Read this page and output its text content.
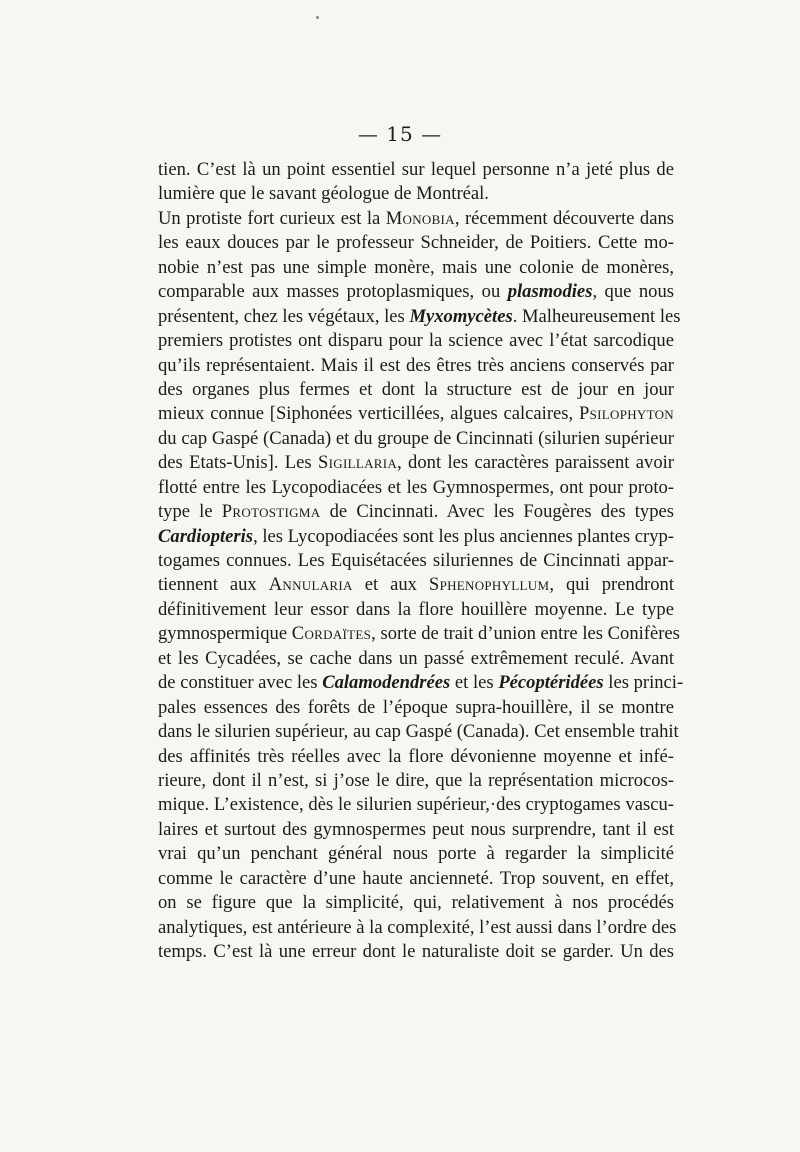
— 15 —
tien. C’est là un point essentiel sur lequel personne n’a jeté plus de
lumière que le savant géologue de Montréal.
Un protiste fort curieux est la Monobia, récemment découverte dans
les eaux douces par le professeur Schneider, de Poitiers. Cette mo-
nobie n’est pas une simple monère, mais une colonie de monères,
comparable aux masses protoplasmiques, ou plasmodies, que nous
présentent, chez les végétaux, les Myxomycètes. Malheureusement les
premiers protistes ont disparu pour la science avec l’état sarcodique
qu’ils représentaient. Mais il est des êtres très anciens conservés par
des organes plus fermes et dont la structure est de jour en jour
mieux connue [Siphonées verticillées, algues calcaires, Psilophyton
du cap Gaspé (Canada) et du groupe de Cincinnati (silurien supérieur
des Etats-Unis]. Les Sigillaria, dont les caractères paraissent avoir
flotté entre les Lycopodiacées et les Gymnospermes, ont pour proto-
type le Protostigma de Cincinnati. Avec les Fougères des types
Cardiopteris, les Lycopodiacées sont les plus anciennes plantes cryp-
togames connues. Les Equisétacées siluriennes de Cincinnati appar-
tiennent aux Annularia et aux Sphenophyllum, qui prendront
définitivement leur essor dans la flore houillère moyenne. Le type
gymnospermique Cordaïtes, sorte de trait d’union entre les Conifères
et les Cycadées, se cache dans un passé extrêmement reculé. Avant
de constituer avec les Calamodendrées et les Pécoptéridées les princi-
pales essences des forêts de l’époque supra-houillère, il se montre
dans le silurien supérieur, au cap Gaspé (Canada). Cet ensemble trahit
des affinités très réelles avec la flore dévonienne moyenne et infé-
rieure, dont il n’est, si j’ose le dire, que la représentation microcos-
mique. L’existence, dès le silurien supérieur,·des cryptogames vascu-
laires et surtout des gymnospermes peut nous surprendre, tant il est
vrai qu’un penchant général nous porte à regarder la simplicité
comme le caractère d’une haute ancienneté. Trop souvent, en effet,
on se figure que la simplicité, qui, relativement à nos procédés
analytiques, est antérieure à la complexité, l’est aussi dans l’ordre des
temps. C’est là une erreur dont le naturaliste doit se garder. Un des
